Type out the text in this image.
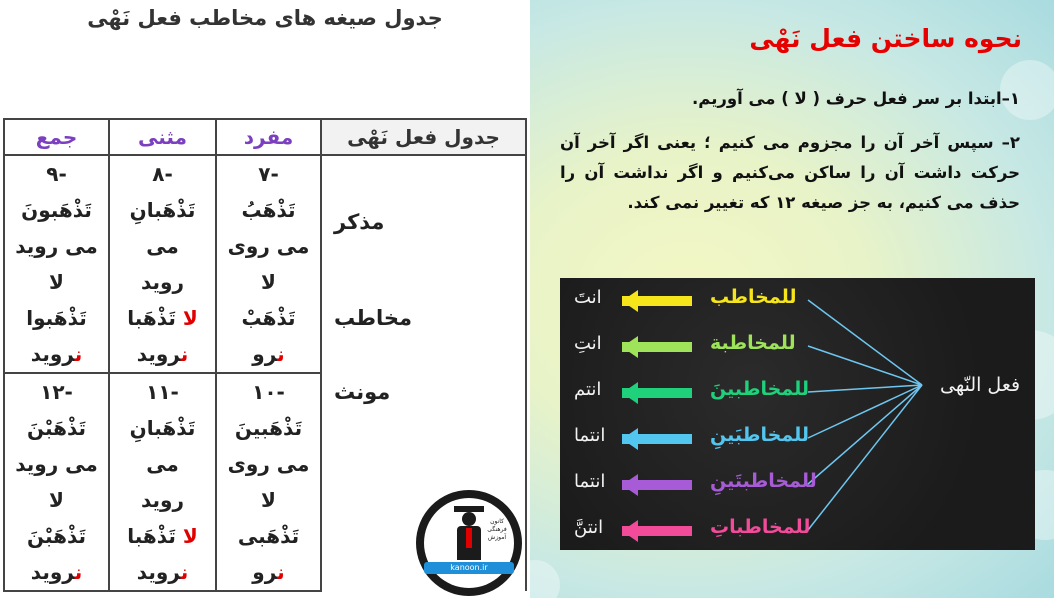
جدول صیغه های مخاطب فعل نَهْی
جدول فعل نَهْی	مفرد	مثنی	جمع
	-۷	-۸	-۹
	تَذْهَبُ	تَذْهَبانِ	تَذْهَبونَ
مذکر	می روی	می	می روید
	لا	روید	لا
مخاطب	تَذْهَبْ	لا تَذْهَبا	تَذْهَبوا
	نرو	نروید	نروید
مونث	-۱۰	-۱۱	-۱۲
	تَذْهَبینَ	تَذْهَبانِ	تَذْهَبْنَ
	می روی	می	می روید
	لا	روید	لا
	تَذْهَبی	لا تَذْهَبا	تَذْهَبْنَ
	نرو	نروید	نروید
کانون فرهنگی آموزش
kanoon.ir
نحوه ساختن فعل نَهْی
۱–ابتدا بر سر فعل حرف ( لا ) می آوریم.
۲– سپس آخر آن را مجزوم می کنیم ؛ یعنی اگر آخر آن حرکت داشت آن را ساکن می‌کنیم و اگر نداشت آن را حذف می کنیم، به جز صیغه ۱۲ که تغییر نمی کند.
فعل النّهی
للمخاطب
انتَ
للمخاطبة
انتِ
للمخاطبینَ
انتم
للمخاطبَینِ
انتما
للمخاطبتَینِ
انتما
للمخاطباتِ
انتنَّ
